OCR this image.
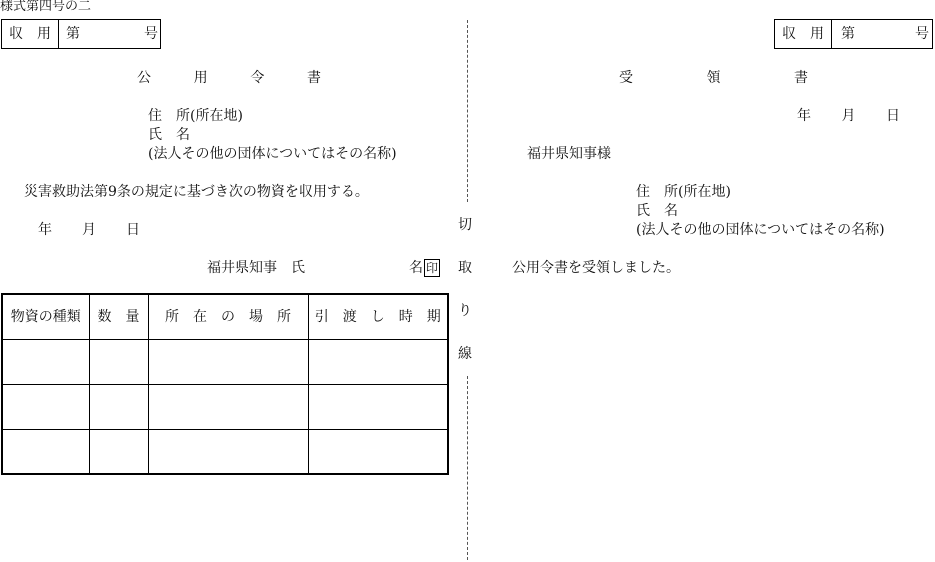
様式第四号の二
収　用	第	号
公	用	令	書
住　所(所在地)
氏　名
(法人その他の団体についてはその名称)
災害救助法第9条の規定に基づき次の物資を収用する。
年 月 日
福井県知事　氏	名 印
物資の種類	数　量	所　在　の　場　所	引　渡　し　時　期

切
取
り
線
収　用	第	号
受	領	書
年 月 日
福井県知事様
住　所(所在地)
氏　名
(法人その他の団体についてはその名称)
公用令書を受領しました。
